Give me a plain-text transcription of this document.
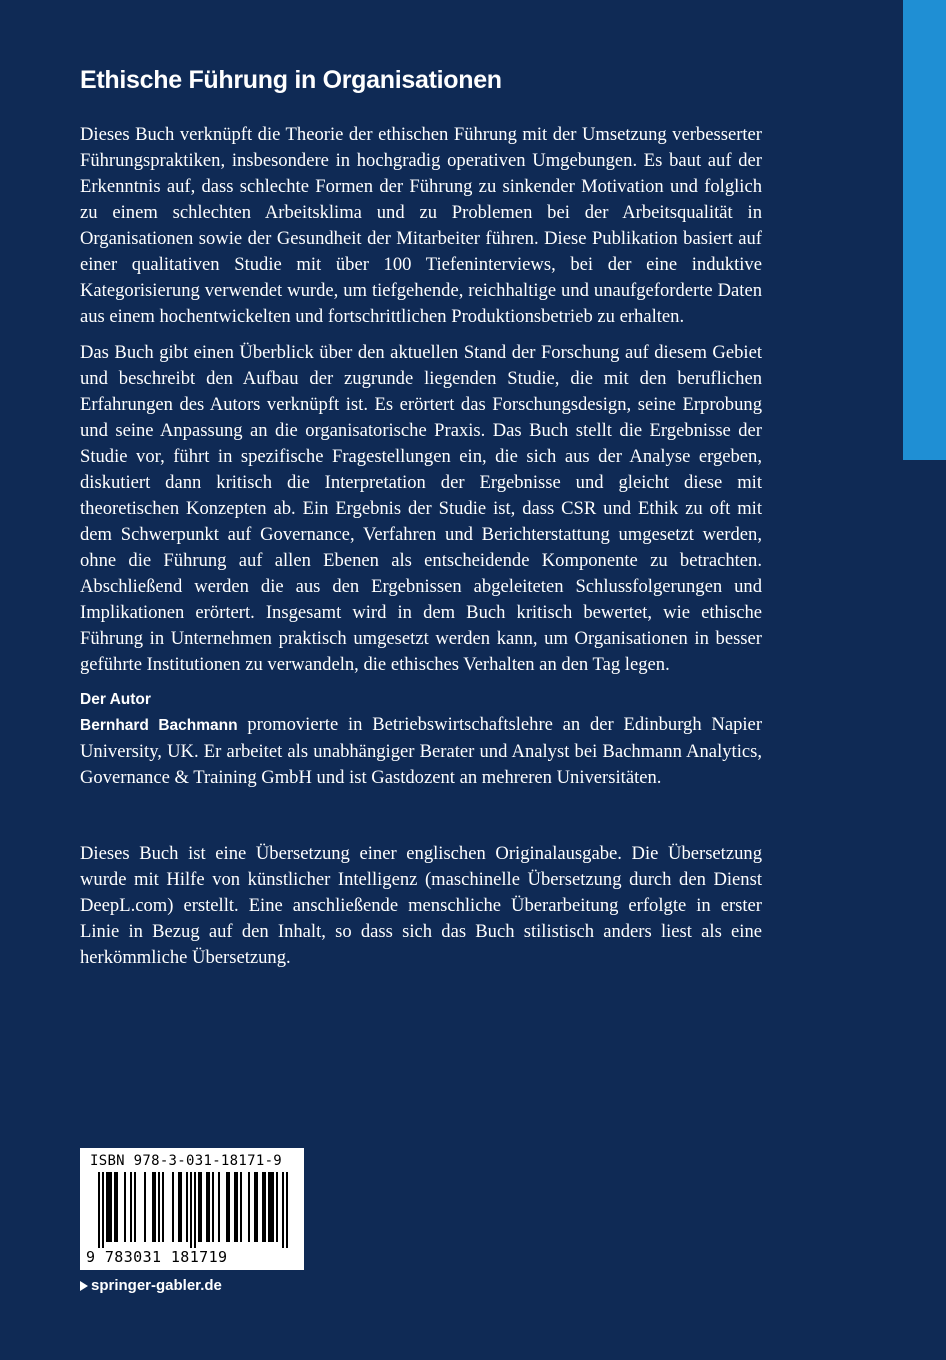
Ethische Führung in Organisationen

Dieses Buch verknüpft die Theorie der ethischen Führung mit der Umsetzung verbesserter Führungspraktiken, insbesondere in hochgradig operativen Umgebungen. Es baut auf der Erkenntnis auf, dass schlechte Formen der Führung zu sinkender Motivation und folglich zu einem schlechten Arbeitsklima und zu Problemen bei der Arbeitsqualität in Organisationen sowie der Gesundheit der Mitarbeiter führen. Diese Publikation basiert auf einer qualitativen Studie mit über 100 Tiefeninterviews, bei der eine induktive Kategorisierung verwendet wurde, um tiefgehende, reichhaltige und unaufgeforderte Daten aus einem hochentwickelten und fortschrittlichen Produktionsbetrieb zu erhalten.

Das Buch gibt einen Überblick über den aktuellen Stand der Forschung auf diesem Gebiet und beschreibt den Aufbau der zugrunde liegenden Studie, die mit den beruflichen Erfahrungen des Autors verknüpft ist. Es erörtert das Forschungsdesign, seine Erprobung und seine Anpassung an die organisatorische Praxis. Das Buch stellt die Ergebnisse der Studie vor, führt in spezifische Fragestellungen ein, die sich aus der Analyse ergeben, diskutiert dann kritisch die Interpretation der Ergebnisse und gleicht diese mit theoretischen Konzepten ab. Ein Ergebnis der Studie ist, dass CSR und Ethik zu oft mit dem Schwerpunkt auf Governance, Verfahren und Berichterstattung umgesetzt werden, ohne die Führung auf allen Ebenen als entscheidende Komponente zu betrachten. Abschließend werden die aus den Ergebnissen abgeleiteten Schlussfolgerungen und Implikationen erörtert. Insgesamt wird in dem Buch kritisch bewertet, wie ethische Führung in Unternehmen praktisch umgesetzt werden kann, um Organisationen in besser geführte Institutionen zu verwandeln, die ethisches Verhalten an den Tag legen.

Der Autor

Bernhard Bachmann promovierte in Betriebswirtschaftslehre an der Edinburgh Napier University, UK. Er arbeitet als unabhängiger Berater und Analyst bei Bachmann Analytics, Governance & Training GmbH und ist Gastdozent an mehreren Universitäten.

Dieses Buch ist eine Übersetzung einer englischen Originalausgabe. Die Übersetzung wurde mit Hilfe von künstlicher Intelligenz (maschinelle Übersetzung durch den Dienst DeepL.com) erstellt. Eine anschließende menschliche Überarbeitung erfolgte in erster Linie in Bezug auf den Inhalt, so dass sich das Buch stilistisch anders liest als eine herkömmliche Übersetzung.

ISBN 978-3-031-18171-9
9 783031 181719
springer-gabler.de
